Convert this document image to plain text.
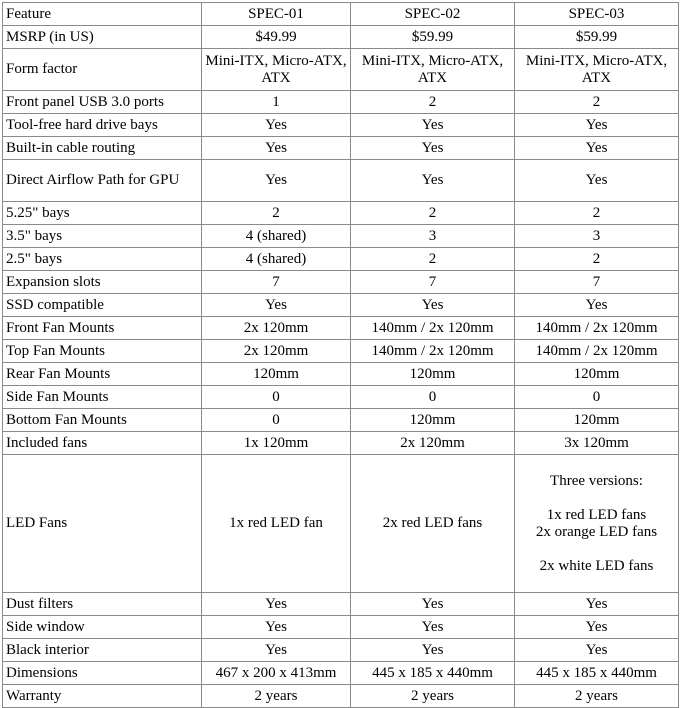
Feature	SPEC-01	SPEC-02	SPEC-03
MSRP (in US)	$49.99	$59.99	$59.99
Form factor	Mini-ITX, Micro-ATX, ATX	Mini-ITX, Micro-ATX, ATX	Mini-ITX, Micro-ATX, ATX
Front panel USB 3.0 ports	1	2	2
Tool-free hard drive bays	Yes	Yes	Yes
Built-in cable routing	Yes	Yes	Yes
Direct Airflow Path for GPU	Yes	Yes	Yes
5.25" bays	2	2	2
3.5" bays	4 (shared)	3	3
2.5" bays	4 (shared)	2	2
Expansion slots	7	7	7
SSD compatible	Yes	Yes	Yes
Front Fan Mounts	2x 120mm	140mm / 2x 120mm	140mm / 2x 120mm
Top Fan Mounts	2x 120mm	140mm / 2x 120mm	140mm / 2x 120mm
Rear Fan Mounts	120mm	120mm	120mm
Side Fan Mounts	0	0	0
Bottom Fan Mounts	0	120mm	120mm
Included fans	1x 120mm	2x 120mm	3x 120mm
LED Fans	1x red LED fan	2x red LED fans	Three versions:

1x red LED fans
2x orange LED fans

2x white LED fans

Dust filters	Yes	Yes	Yes
Side window	Yes	Yes	Yes
Black interior	Yes	Yes	Yes
Dimensions	467 x 200 x 413mm	445 x 185 x 440mm	445 x 185 x 440mm
Warranty	2 years	2 years	2 years
